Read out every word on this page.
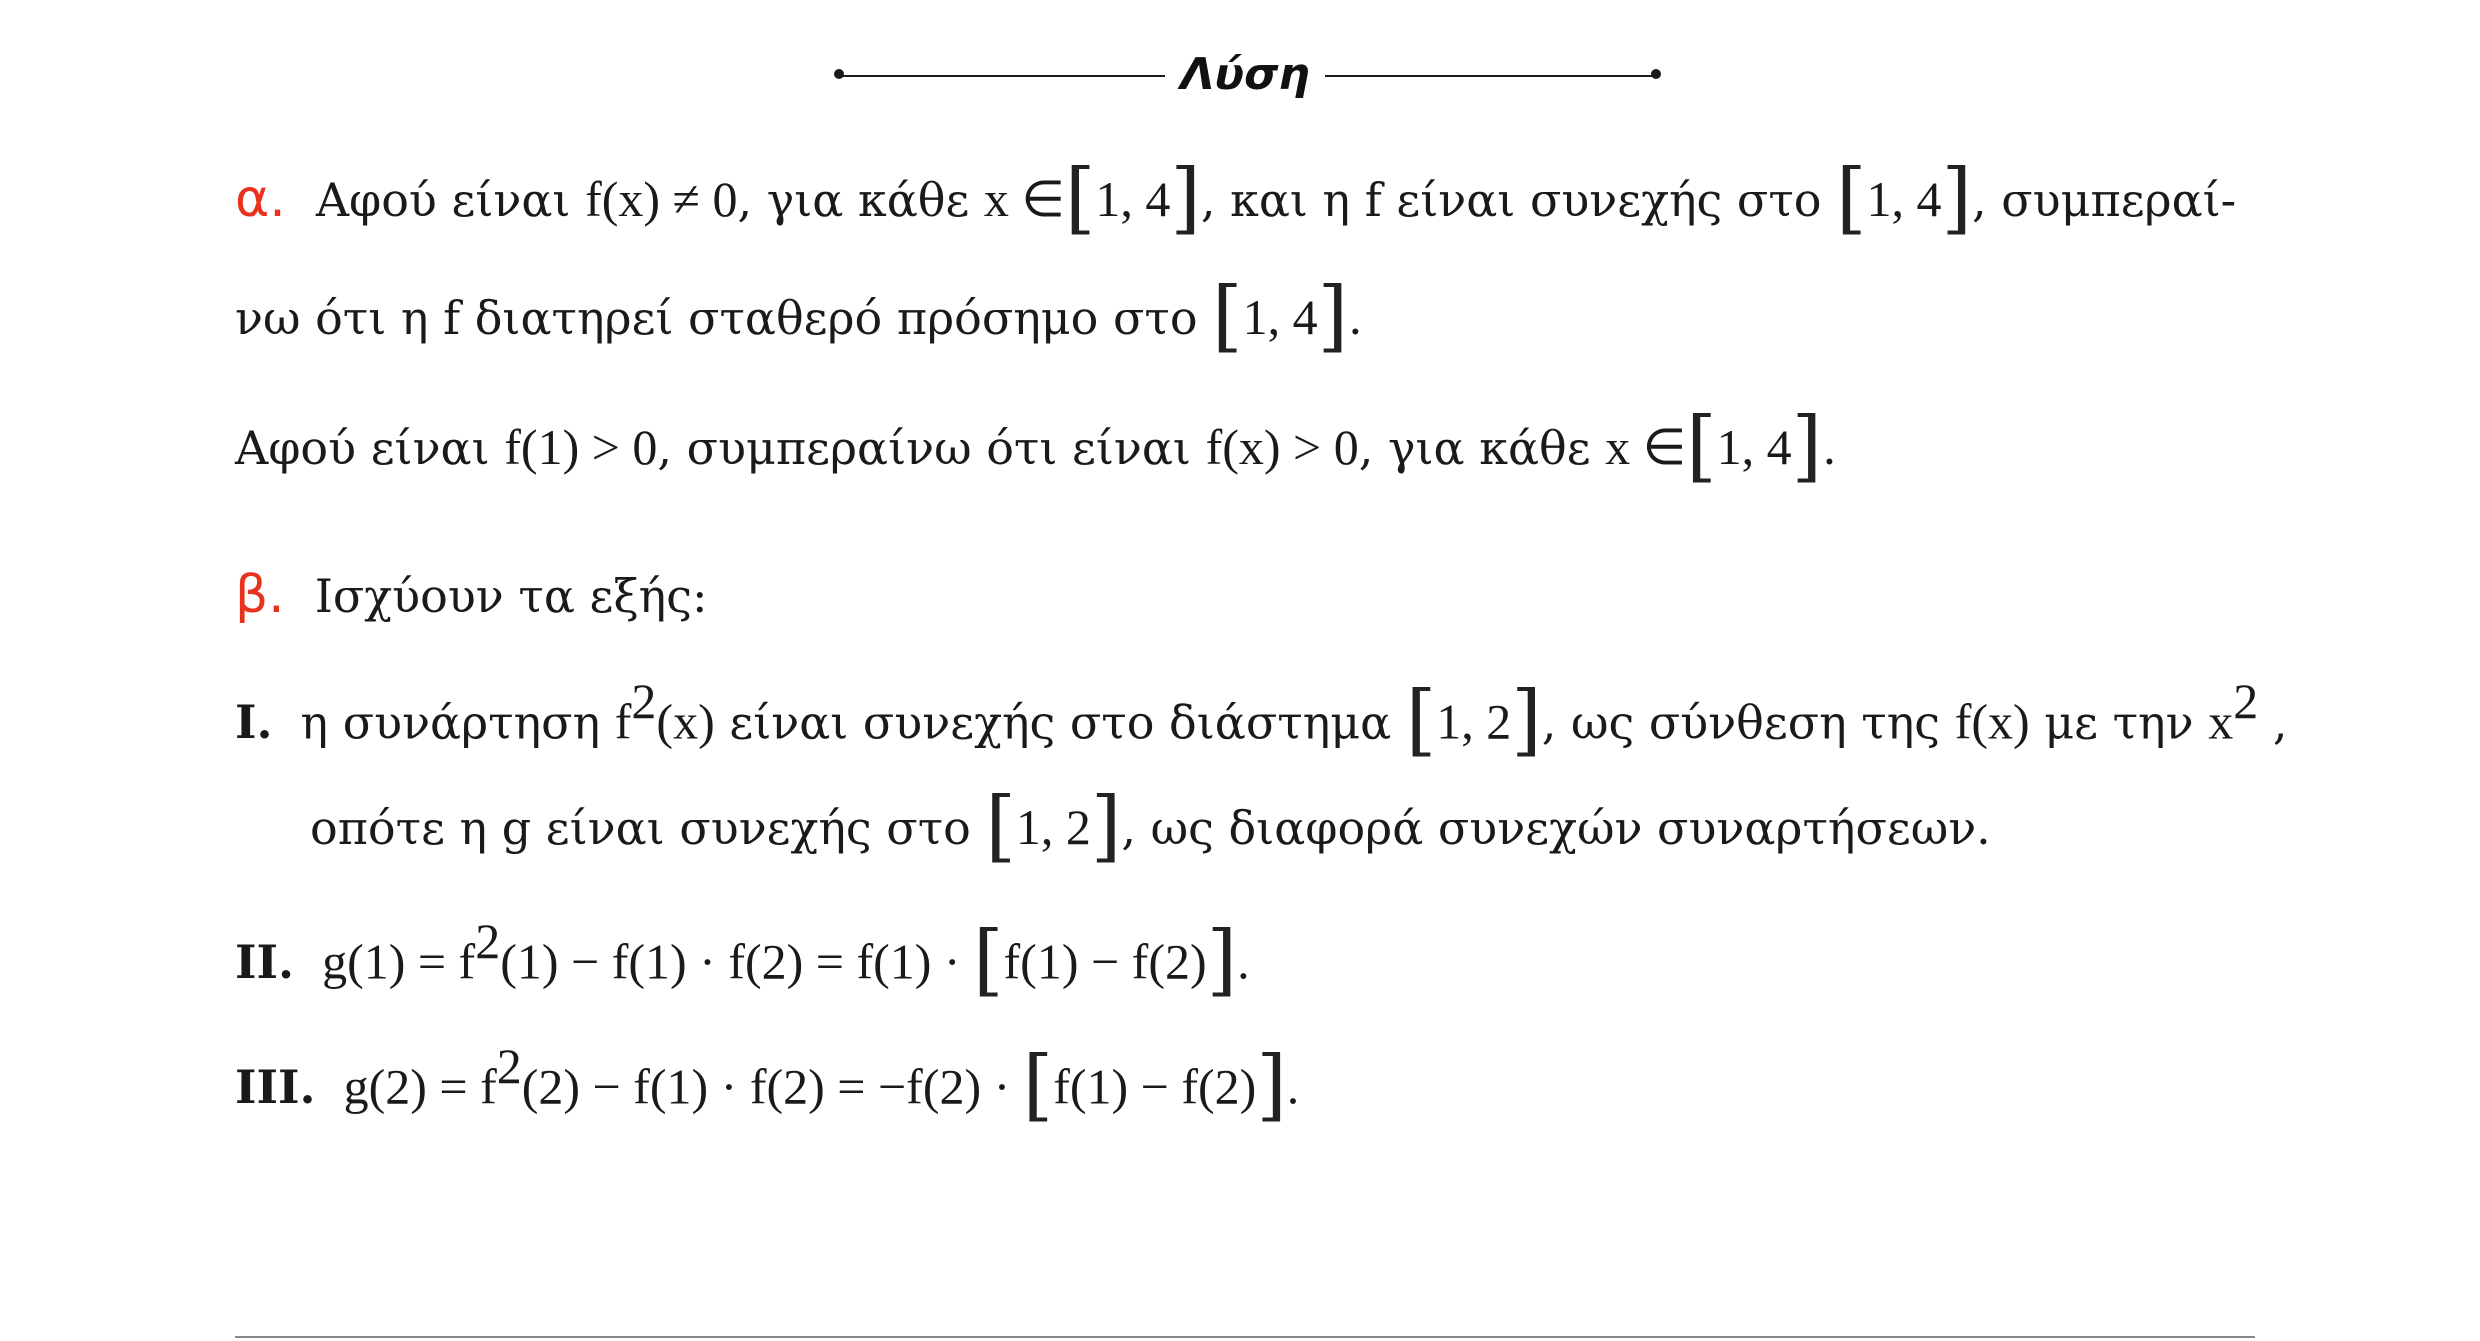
Λύση
α. Αφού είναι f(x) ≠ 0, για κάθε x ∈[1, 4], και η f είναι συνεχής στο [1, 4], συμπεραί-
νω ότι η f διατηρεί σταθερό πρόσημο στο [1, 4].
Αφού είναι f(1) > 0, συμπεραίνω ότι είναι f(x) > 0, για κάθε x ∈[1, 4].
β. Ισχύουν τα εξής:
I. η συνάρτηση $f^2(x)$ είναι συνεχής στο διάστημα [1, 2], ως σύνθεση της f(x) με την $x^2$ ,
οπότε η g είναι συνεχής στο [1, 2], ως διαφορά συνεχών συναρτήσεων.
II. $g(1) = f^2(1) - f(1) \cdot f(2) = f(1) \cdot [f(1) - f(2)]$.
III. $g(2) = f^2(2) - f(1) \cdot f(2) = -f(2) \cdot [f(1) - f(2)]$.
